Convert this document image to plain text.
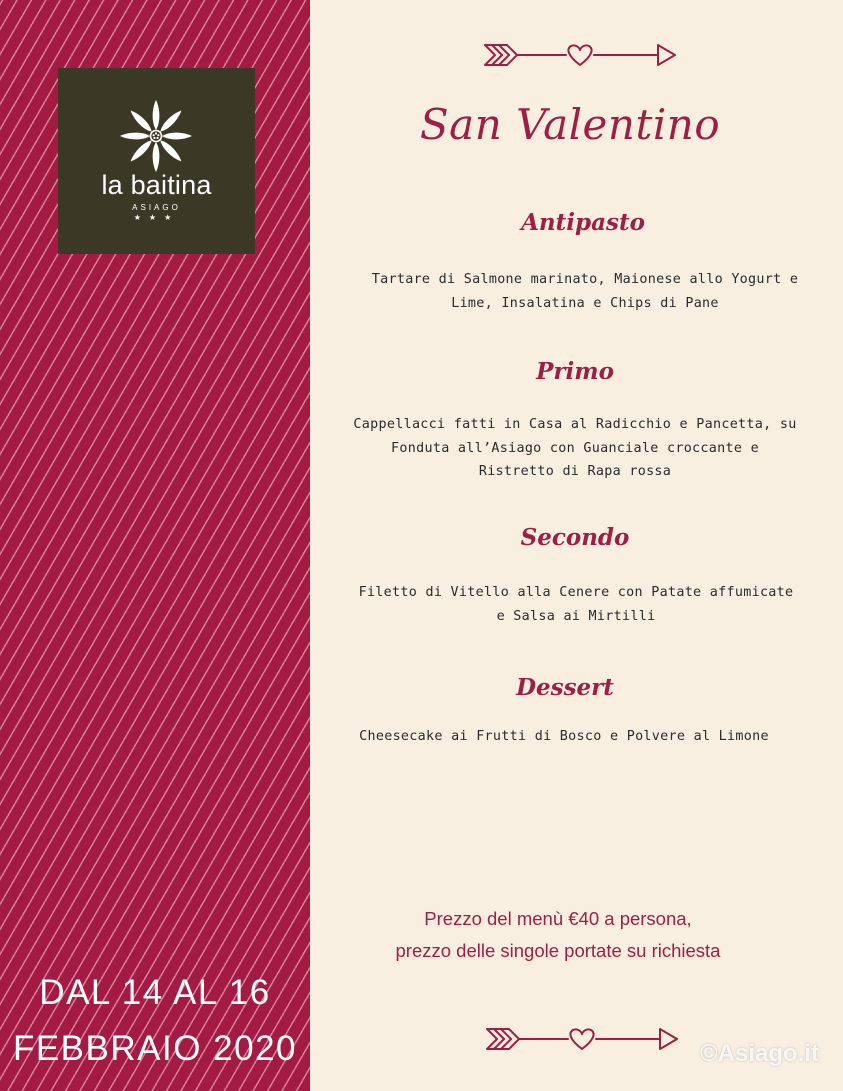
la baitina
ASIAGO
★★★
DAL 14 AL 16
FEBBRAIO 2020
San Valentino
Antipasto
Tartare di Salmone marinato, Maionese allo Yogurt e
Lime, Insalatina e Chips di Pane
Primo
Cappellacci fatti in Casa al Radicchio e Pancetta, su
Fonduta all’Asiago con Guanciale croccante e
Ristretto di Rapa rossa
Secondo
Filetto di Vitello alla Cenere con Patate affumicate
e Salsa ai Mirtilli
Dessert
Cheesecake ai Frutti di Bosco e Polvere al Limone
Prezzo del menù €40 a persona,
prezzo delle singole portate su richiesta
©Asiago.it
